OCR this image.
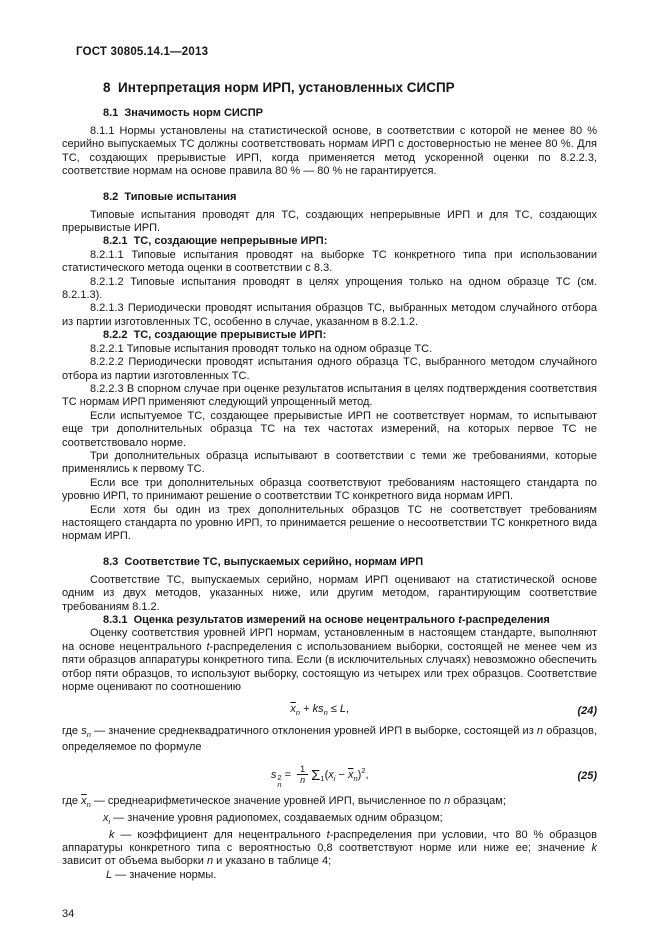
ГОСТ 30805.14.1—2013
8  Интерпретация норм ИРП, установленных СИСПР
8.1  Значимость норм СИСПР

8.1.1 Нормы установлены на статистической основе, в соответствии с которой не менее 80 % серийно выпускаемых ТС должны соответствовать нормам ИРП с достоверностью не менее 80 %. Для ТС, создающих прерывистые ИРП, когда применяется метод ускоренной оценки по 8.2.2.3, соответствие нормам на основе правила 80 % — 80 % не гарантируется.

8.2  Типовые испытания

Типовые испытания проводят для ТС, создающих непрерывные ИРП и для ТС, создающих прерывистые ИРП.

8.2.1  ТС, создающие непрерывные ИРП:

8.2.1.1 Типовые испытания проводят на выборке ТС конкретного типа при использовании статистического метода оценки в соответствии с 8.3.

8.2.1.2 Типовые испытания проводят в целях упрощения только на одном образце ТС (см. 8.2.1.3).

8.2.1.3 Периодически проводят испытания образцов ТС, выбранных методом случайного отбора из партии изготовленных ТС, особенно в случае, указанном в 8.2.1.2.

8.2.2  ТС, создающие прерывистые ИРП:

8.2.2.1 Типовые испытания проводят только на одном образце ТС.

8.2.2.2 Периодически проводят испытания одного образца ТС, выбранного методом случайного отбора из партии изготовленных ТС.

8.2.2.3 В спорном случае при оценке результатов испытания в целях подтверждения соответствия ТС нормам ИРП применяют следующий упрощенный метод.

Если испытуемое ТС, создающее прерывистые ИРП не соответствует нормам, то испытывают еще три дополнительных образца ТС на тех частотах измерений, на которых первое ТС не соответствовало норме.

Три дополнительных образца испытывают в соответствии с теми же требованиями, которые применялись к первому ТС.

Если все три дополнительных образца соответствуют требованиям настоящего стандарта по уровню ИРП, то принимают решение о соответствии ТС конкретного вида нормам ИРП.

Если хотя бы один из трех дополнительных образцов ТС не соответствует требованиям настоящего стандарта по уровню ИРП, то принимается решение о несоответствии ТС конкретного вида нормам ИРП.

8.3  Соответствие ТС, выпускаемых серийно, нормам ИРП

Соответствие ТС, выпускаемых серийно, нормам ИРП оценивают на статистической основе одним из двух методов, указанных ниже, или другим методом, гарантирующим соответствие требованиям 8.1.2.

8.3.1  Оценка результатов измерений на основе нецентрального t-распределения

Оценку соответствия уровней ИРП нормам, установленным в настоящем стандарте, выполняют на основе нецентрального t-распределения с использованием выборки, состоящей не менее чем из пяти образцов аппаратуры конкретного типа. Если (в исключительных случаях) невозможно обеспечить отбор пяти образцов, то используют выборку, состоящую из четырех или трех образцов. Соответствие норме оценивают по соотношению

$\overline{x}_n + ks_n \le L$,	(24)

где $s_n$ — значение среднеквадратичного отклонения уровней ИРП в выборке, состоящей из n образцов, определяемое по формуле

s 2
n
= $\frac{1}{n} \Sigma_1(x_i - \overline{x}_n)^2$,	(25)

где $\overline{x}_n$ — среднеарифметическое значение уровней ИРП, вычисленное по n образцам;

$x_i$ — значение уровня радиопомех, создаваемых одним образцом;

k — коэффициент для нецентрального t-распределения при условии, что 80 % образцов аппаратуры конкретного типа с вероятностью 0,8 соответствуют норме или ниже ее; значение k зависит от объема выборки n и указано в таблице 4;

L — значение нормы.

34
